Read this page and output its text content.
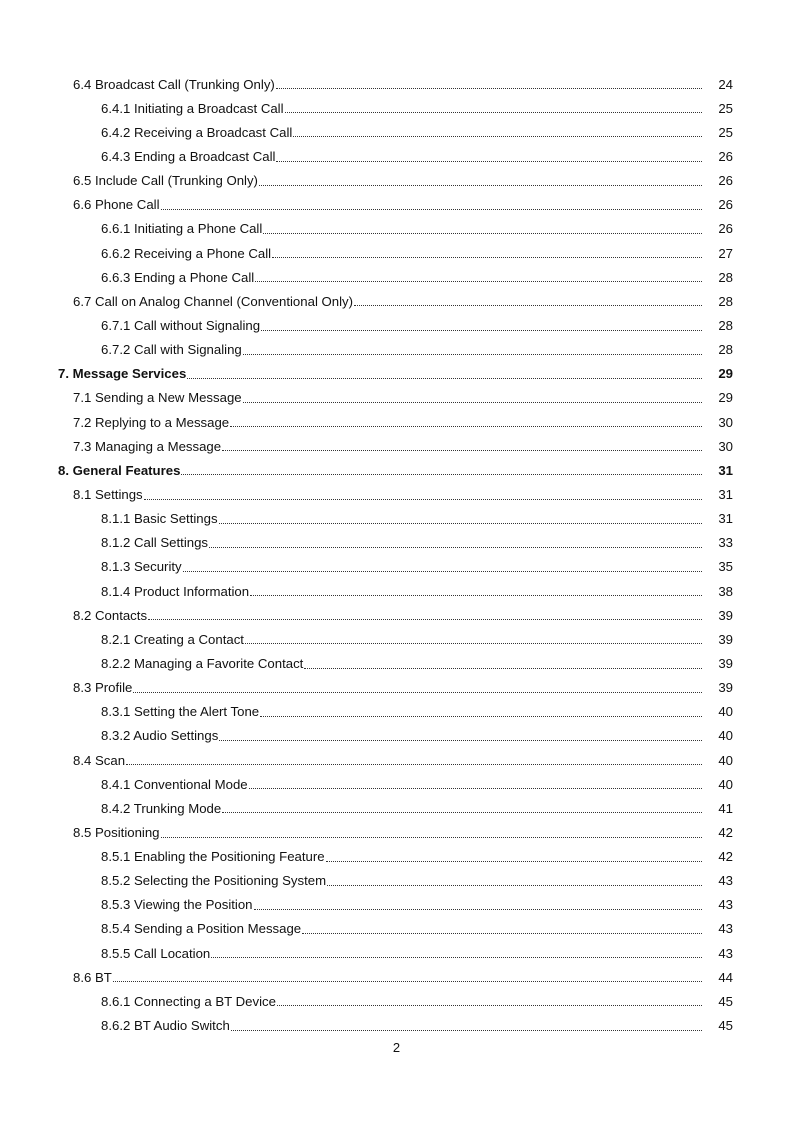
6.4 Broadcast Call (Trunking Only)	24
6.4.1 Initiating a Broadcast Call	25
6.4.2 Receiving a Broadcast Call	25
6.4.3 Ending a Broadcast Call	26
6.5 Include Call (Trunking Only)	26
6.6 Phone Call	26
6.6.1 Initiating a Phone Call	26
6.6.2 Receiving a Phone Call	27
6.6.3 Ending a Phone Call	28
6.7 Call on Analog Channel (Conventional Only)	28
6.7.1 Call without Signaling	28
6.7.2 Call with Signaling	28
7. Message Services	29
7.1 Sending a New Message	29
7.2 Replying to a Message	30
7.3 Managing a Message	30
8. General Features	31
8.1 Settings	31
8.1.1 Basic Settings	31
8.1.2 Call Settings	33
8.1.3 Security	35
8.1.4 Product Information	38
8.2 Contacts	39
8.2.1 Creating a Contact	39
8.2.2 Managing a Favorite Contact	39
8.3 Profile	39
8.3.1 Setting the Alert Tone	40
8.3.2 Audio Settings	40
8.4 Scan	40
8.4.1 Conventional Mode	40
8.4.2 Trunking Mode	41
8.5 Positioning	42
8.5.1 Enabling the Positioning Feature	42
8.5.2 Selecting the Positioning System	43
8.5.3 Viewing the Position	43
8.5.4 Sending a Position Message	43
8.5.5 Call Location	43
8.6 BT	44
8.6.1 Connecting a BT Device	45
8.6.2 BT Audio Switch	45
2
